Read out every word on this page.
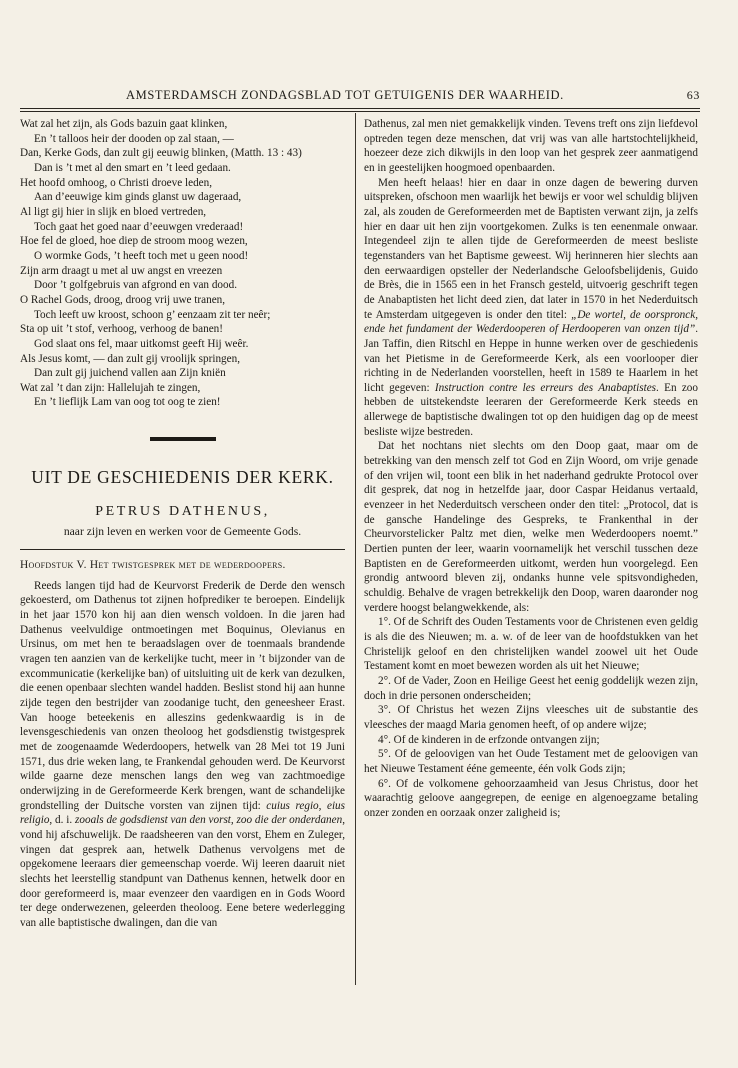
AMSTERDAMSCH ZONDAGSBLAD TOT GETUIGENIS DER WAARHEID.	63
Wat zal het zijn, als Gods bazuin gaat klinken,
En ’t talloos heir der dooden op zal staan, —
Dan, Kerke Gods, dan zult gij eeuwig blinken, (Matth. 13 : 43)
Dan is ’t met al den smart en ’t leed gedaan.
Het hoofd omhoog, o Christi droeve leden,
Aan d’eeuwige kim ginds glanst uw dageraad,
Al ligt gij hier in slijk en bloed vertreden,
Toch gaat het goed naar d’eeuwgen vrederaad!
Hoe fel de gloed, hoe diep de stroom moog wezen,
O wormke Gods, ’t heeft toch met u geen nood!
Zijn arm draagt u met al uw angst en vreezen
Door ’t golfgebruis van afgrond en van dood.
O Rachel Gods, droog, droog vrij uwe tranen,
Toch leeft uw kroost, schoon g’ eenzaam zit ter neêr;
Sta op uit ’t stof, verhoog, verhoog de banen!
God slaat ons fel, maar uitkomst geeft Hij weêr.
Als Jesus komt, — dan zult gij vroolijk springen,
Dan zult gij juichend vallen aan Zijn kniën
Wat zal ’t dan zijn: Hallelujah te zingen,
En ’t lieflijk Lam van oog tot oog te zien!
UIT DE GESCHIEDENIS DER KERK.
PETRUS DATHENUS,
naar zijn leven en werken voor de Gemeente Gods.
Hoofdstuk V. Het twistgesprek met de wederdoopers.

Reeds langen tijd had de Keurvorst Frederik de Derde den wensch gekoesterd, om Dathenus tot zijnen hofprediker te beroepen. Eindelijk in het jaar 1570 kon hij aan dien wensch voldoen. In die jaren had Dathenus veelvuldige ontmoetingen met Boquinus, Olevianus en Ursinus, om met hen te beraadslagen over de toenmaals brandende vragen ten aanzien van de kerkelijke tucht, meer in ’t bijzonder van de excommunicatie (kerkelijke ban) of uitsluiting uit de kerk van dezulken, die eenen openbaar slechten wandel hadden. Beslist stond hij aan hunne zijde tegen den bestrijder van zoodanige tucht, den geneesheer Erast. Van hooge beteekenis en alleszins gedenkwaardig is in de levensgeschiedenis van onzen theoloog het godsdienstig twistgesprek met de zoogenaamde Wederdoopers, hetwelk van 28 Mei tot 19 Juni 1571, dus drie weken lang, te Frankendal gehouden werd. De Keurvorst wilde gaarne deze menschen langs den weg van zachtmoedige onderwijzing in de Gereformeerde Kerk brengen, want de schandelijke grondstelling der Duitsche vorsten van zijnen tijd: cuius regio, eius religio, d. i. zooals de godsdienst van den vorst, zoo die der onderdanen, vond hij afschuwelijk. De raadsheeren van den vorst, Ehem en Zuleger, vingen dat gesprek aan, hetwelk Dathenus vervolgens met de opgekomene leeraars dier gemeenschap voerde. Wij leeren daaruit niet slechts het leerstellig standpunt van Dathenus kennen, hetwelk door en door gereformeerd is, maar evenzeer den vaardigen en in Gods Woord ter dege onderwezenen, geleerden theoloog. Eene betere wederlegging van alle baptistische dwalingen, dan die van

Dathenus, zal men niet gemakkelijk vinden. Tevens treft ons zijn liefdevol optreden tegen deze menschen, dat vrij was van alle hartstochtelijkheid, hoezeer deze zich dikwijls in den loop van het gesprek zeer aanmatigend en in geestelijken hoogmoed openbaarden.

Men heeft helaas! hier en daar in onze dagen de bewering durven uitspreken, ofschoon men waarlijk het bewijs er voor wel schuldig blijven zal, als zouden de Gereformeerden met de Baptisten verwant zijn, ja zelfs hier en daar uit hen zijn voortgekomen. Zulks is ten eenenmale onwaar. Integendeel zijn te allen tijde de Gereformeerden de meest besliste tegenstanders van het Baptisme geweest. Wij herinneren hier slechts aan den eerwaardigen opsteller der Nederlandsche Geloofsbelijdenis, Guido de Brès, die in 1565 een in het Fransch gesteld, uitvoerig geschrift tegen de Anabaptisten het licht deed zien, dat later in 1570 in het Nederduitsch te Amsterdam uitgegeven is onder den titel: „De wortel, de oorspronck, ende het fundament der Wederdooperen of Herdooperen van onzen tijd”. Jan Taffin, dien Ritschl en Heppe in hunne werken over de geschiedenis van het Pietisme in de Gereformeerde Kerk, als een voorlooper dier richting in de Nederlanden voorstellen, heeft in 1589 te Haarlem in het licht gegeven: Instruction contre les erreurs des Anabaptistes. En zoo hebben de uitstekendste leeraren der Gereformeerde Kerk steeds en allerwege de baptistische dwalingen tot op den huidigen dag op de meest besliste wijze bestreden.

Dat het nochtans niet slechts om den Doop gaat, maar om de betrekking van den mensch zelf tot God en Zijn Woord, om vrije genade of den vrijen wil, toont een blik in het naderhand gedrukte Protocol over dit gesprek, dat nog in hetzelfde jaar, door Caspar Heidanus vertaald, evenzeer in het Nederduitsch verscheen onder den titel: „Protocol, dat is de gansche Handelinge des Gespreks, te Frankenthal in der Cheurvorstelicker Paltz met dien, welke men Wederdoopers noemt.” Dertien punten der leer, waarin voornamelijk het verschil tusschen deze Baptisten en de Gereformeerden uitkomt, werden hun voorgelegd. Een grondig antwoord bleven zij, ondanks hunne vele spitsvondigheden, schuldig. Behalve de vragen betrekkelijk den Doop, waren daaronder nog verdere hoogst belangwekkende, als:

1°. Of de Schrift des Ouden Testaments voor de Christenen even geldig is als die des Nieuwen; m. a. w. of de leer van de hoofdstukken van het Christelijk geloof en den christelijken wandel zoowel uit het Oude Testament komt en moet bewezen worden als uit het Nieuwe;

2°. Of de Vader, Zoon en Heilige Geest het eenig goddelijk wezen zijn, doch in drie personen onderscheiden;

3°. Of Christus het wezen Zijns vleesches uit de substantie des vleesches der maagd Maria genomen heeft, of op andere wijze;

4°. Of de kinderen in de erfzonde ontvangen zijn;

5°. Of de geloovigen van het Oude Testament met de geloovigen van het Nieuwe Testament ééne gemeente, één volk Gods zijn;

6°. Of de volkomene gehoorzaamheid van Jesus Christus, door het waarachtig geloove aangegrepen, de eenige en algenoegzame betaling onzer zonden en oorzaak onzer zaligheid is;
